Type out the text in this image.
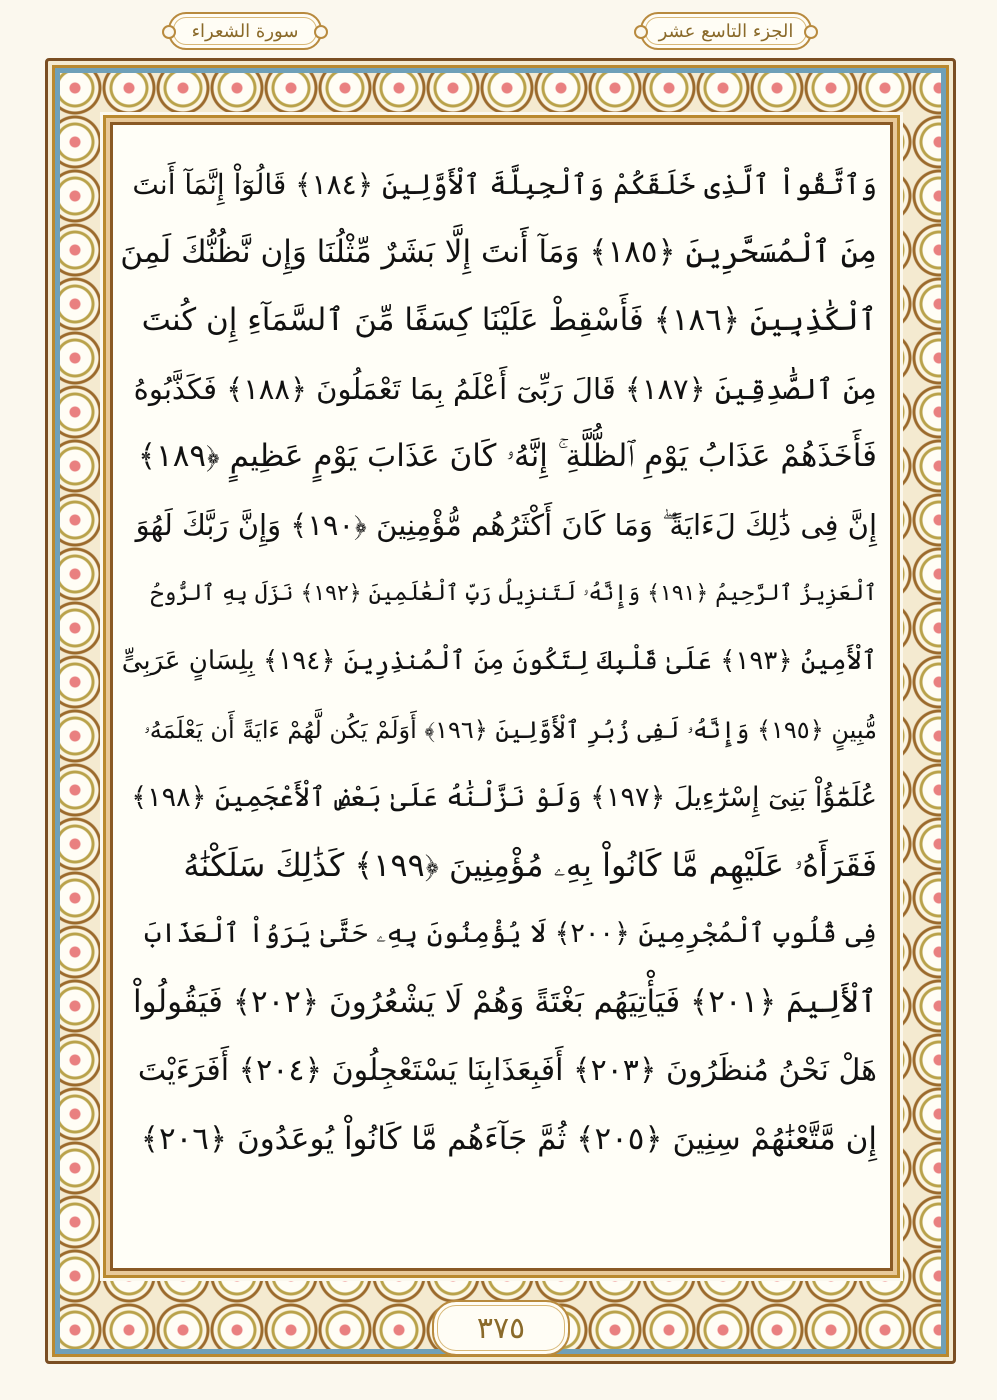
سورة الشعراء	الجزء التاسع عشر
وَٱتَّقُواْ ٱلَّذِى خَلَقَكُمْ وَٱلْجِبِلَّةَ ٱلْأَوَّلِينَ ﴿١٨٤﴾ قَالُوٓاْ إِنَّمَآ أَنتَ
مِنَ ٱلْمُسَحَّرِينَ ﴿١٨٥﴾ وَمَآ أَنتَ إِلَّا بَشَرٌ مِّثْلُنَا وَإِن نَّظُنُّكَ لَمِنَ
ٱلْكَٰذِبِينَ ﴿١٨٦﴾ فَأَسْقِطْ عَلَيْنَا كِسَفًا مِّنَ ٱلسَّمَآءِ إِن كُنتَ
مِنَ ٱلصَّٰدِقِينَ ﴿١٨٧﴾ قَالَ رَبِّىٓ أَعْلَمُ بِمَا تَعْمَلُونَ ﴿١٨٨﴾ فَكَذَّبُوهُ
فَأَخَذَهُمْ عَذَابُ يَوْمِ ٱلظُّلَّةِ ۚ إِنَّهُۥ كَانَ عَذَابَ يَوْمٍ عَظِيمٍ ﴿١٨٩﴾
إِنَّ فِى ذَٰلِكَ لَءَايَةً ۖ وَمَا كَانَ أَكْثَرُهُم مُّؤْمِنِينَ ﴿١٩٠﴾ وَإِنَّ رَبَّكَ لَهُوَ
ٱلْعَزِيزُ ٱلرَّحِيمُ ﴿١٩١﴾ وَإِنَّهُۥ لَتَنزِيلُ رَبِّ ٱلْعَٰلَمِينَ ﴿١٩٢﴾ نَزَلَ بِهِ ٱلرُّوحُ
ٱلْأَمِينُ ﴿١٩٣﴾ عَلَىٰ قَلْبِكَ لِتَكُونَ مِنَ ٱلْمُنذِرِينَ ﴿١٩٤﴾ بِلِسَانٍ عَرَبِىٍّ
مُّبِينٍ ﴿١٩٥﴾ وَإِنَّهُۥ لَفِى زُبُرِ ٱلْأَوَّلِينَ ﴿١٩٦﴾ أَوَلَمْ يَكُن لَّهُمْ ءَايَةً أَن يَعْلَمَهُۥ
عُلَمَٰٓؤُاْ بَنِىٓ إِسْرَٰٓءِيلَ ﴿١٩٧﴾ وَلَوْ نَزَّلْنَٰهُ عَلَىٰ بَعْضِ ٱلْأَعْجَمِينَ ﴿١٩٨﴾
فَقَرَأَهُۥ عَلَيْهِم مَّا كَانُواْ بِهِۦ مُؤْمِنِينَ ﴿١٩٩﴾ كَذَٰلِكَ سَلَكْنَٰهُ
فِى قُلُوبِ ٱلْمُجْرِمِينَ ﴿٢٠٠﴾ لَا يُؤْمِنُونَ بِهِۦ حَتَّىٰ يَرَوُاْ ٱلْعَذَابَ
ٱلْأَلِيمَ ﴿٢٠١﴾ فَيَأْتِيَهُم بَغْتَةً وَهُمْ لَا يَشْعُرُونَ ﴿٢٠٢﴾ فَيَقُولُواْ
هَلْ نَحْنُ مُنظَرُونَ ﴿٢٠٣﴾ أَفَبِعَذَابِنَا يَسْتَعْجِلُونَ ﴿٢٠٤﴾ أَفَرَءَيْتَ
إِن مَّتَّعْنَٰهُمْ سِنِينَ ﴿٢٠٥﴾ ثُمَّ جَآءَهُم مَّا كَانُواْ يُوعَدُونَ ﴿٢٠٦﴾
٣٧٥
